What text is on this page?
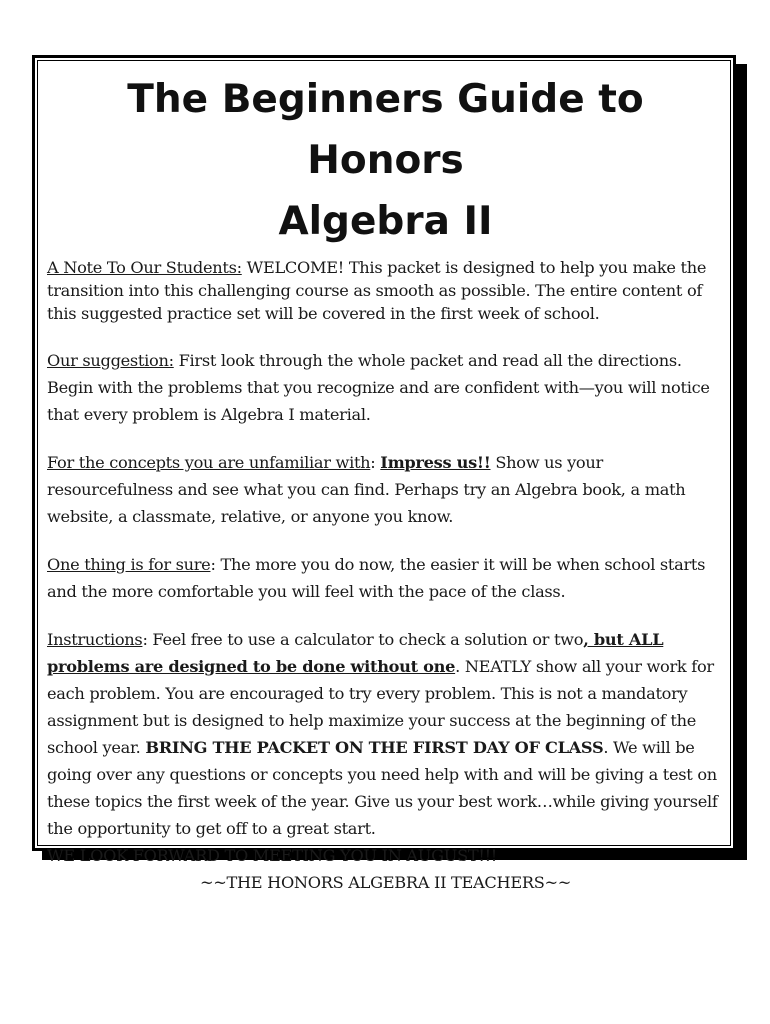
The Beginners Guide to Honors
Algebra II

A Note To Our Students: WELCOME! This packet is designed to help you make the transition into this challenging course as smooth as possible. The entire content of this suggested practice set will be covered in the first week of school.

Our suggestion: First look through the whole packet and read all the directions. Begin with the problems that you recognize and are confident with—you will notice that every problem is Algebra I material.

For the concepts you are unfamiliar with: Impress us!! Show us your resourcefulness and see what you can find. Perhaps try an Algebra book, a math website, a classmate, relative, or anyone you know.

One thing is for sure: The more you do now, the easier it will be when school starts and the more comfortable you will feel with the pace of the class.

Instructions: Feel free to use a calculator to check a solution or two, but ALL problems are designed to be done without one. NEATLY show all your work for each problem. You are encouraged to try every problem. This is not a mandatory assignment but is designed to help maximize your success at the beginning of the school year. BRING THE PACKET ON THE FIRST DAY OF CLASS. We will be going over any questions or concepts you need help with and will be giving a test on these topics the first week of the year. Give us your best work…while giving yourself the opportunity to get off to a great start.

WE LOOK FORWARD TO MEETING YOU IN AUGUST!!!
~~THE HONORS ALGEBRA II TEACHERS~~
